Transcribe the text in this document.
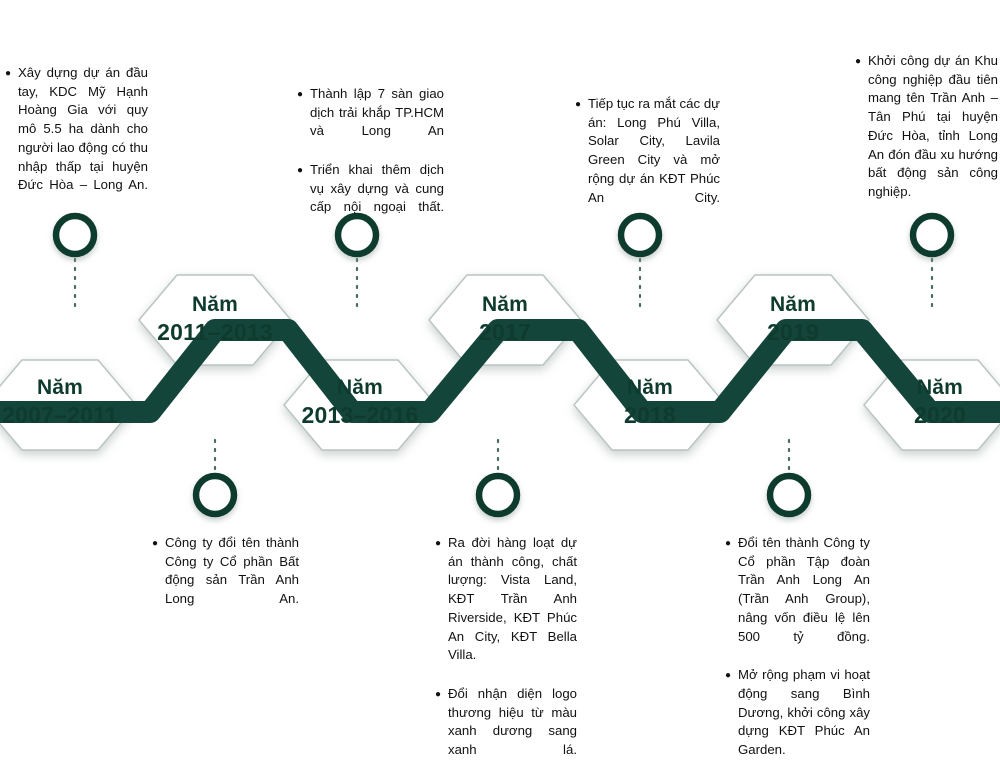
Năm
2007–2011
Năm
2011–2013
Năm
2013–2016
Năm
2017
Năm
2018
Năm
2019
Năm
2020

● Xây dựng dự án đầu tay, KDC Mỹ Hạnh Hoàng Gia với quy mô 5.5 ha dành cho người lao động có thu nhập thấp tại huyện Đức Hòa – Long An.

● Thành lập 7 sàn giao dịch trải khắp TP.HCM và Long An

● Triển khai thêm dịch vụ xây dựng và cung cấp nội ngoại thất.

● Tiếp tục ra mắt các dự án: Long Phú Villa, Solar City, Lavila Green City và mở rộng dự án KĐT Phúc An City.

● Khởi công dự án Khu công nghiệp đầu tiên mang tên Trần Anh – Tân Phú tại huyện Đức Hòa, tỉnh Long An đón đầu xu hướng bất động sản công nghiệp.

● Công ty đổi tên thành Công ty Cổ phần Bất động sản Trần Anh Long An.

● Ra đời hàng loạt dự án thành công, chất lượng: Vista Land, KĐT Trần Anh Riverside, KĐT Phúc An City, KĐT Bella Villa.

● Đổi nhận diện logo thương hiệu từ màu xanh dương sang xanh lá.

● Đổi tên thành Công ty Cổ phần Tập đoàn Trần Anh Long An (Trần Anh Group), nâng vốn điều lệ lên 500 tỷ đồng.

● Mở rộng phạm vi hoạt động sang Bình Dương, khởi công xây dựng KĐT Phúc An Garden.
